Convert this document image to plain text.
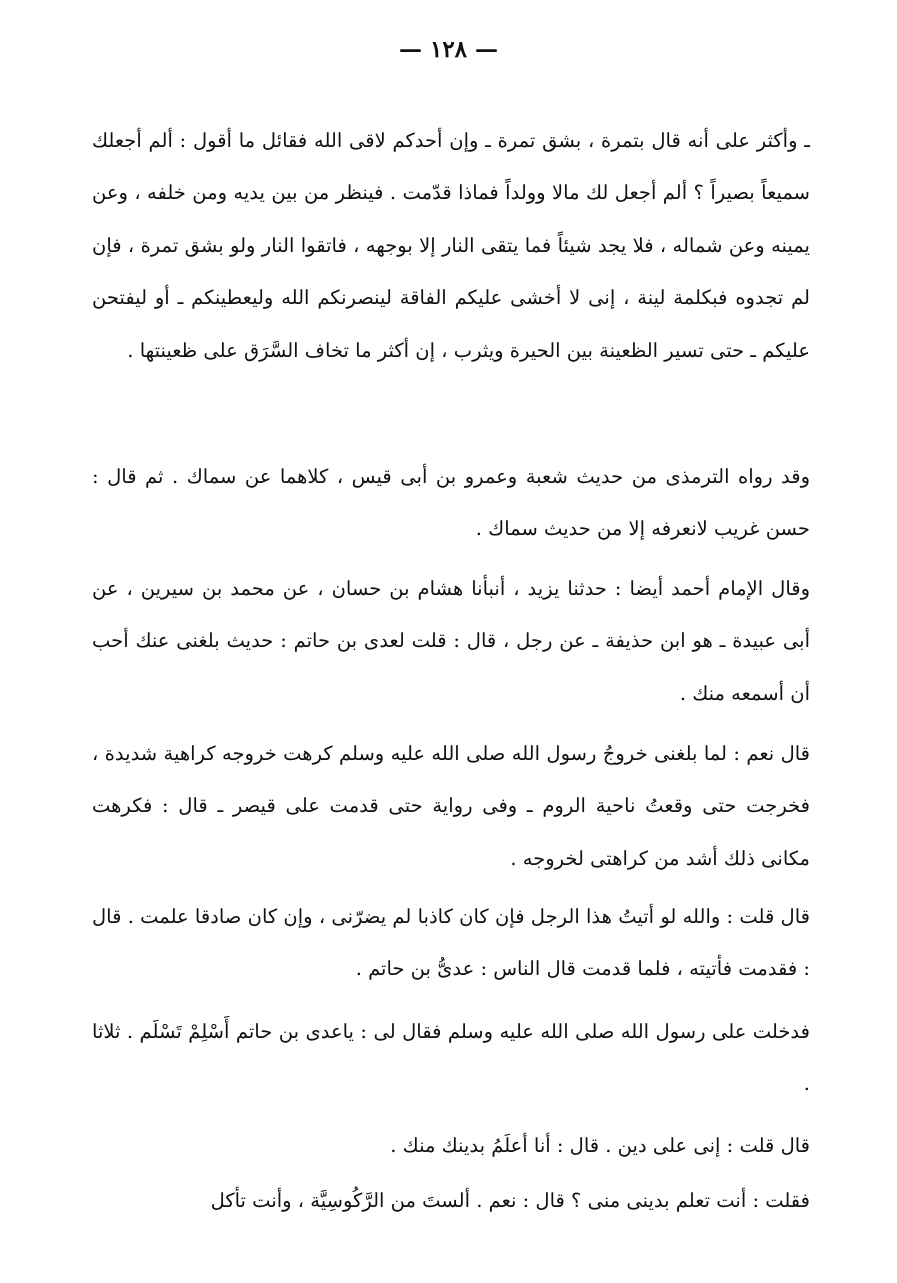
— ١٢٨ —

ـ وأكثر على أنه قال بتمرة ، بشق تمرة ـ وإن أحدكم لاقى الله فقائل ما أقول : ألم أجعلك سميعاً بصيراً ؟ ألم أجعل لك مالا وولداً فماذا قدّمت . فينظر من بين يديه ومن خلفه ، وعن يمينه وعن شماله ، فلا يجد شيئاً فما يتقى النار إلا بوجهه ، فاتقوا النار ولو بشق تمرة ، فإن لم تجدوه فبكلمة لينة ، إنى لا أخشى عليكم الفاقة لينصرنكم الله وليعطينكم ـ أو ليفتحن عليكم ـ حتى تسير الظعينة بين الحيرة ويثرب ، إن أكثر ما تخاف السَّرَق على ظعينتها .

وقد رواه الترمذى من حديث شعبة وعمرو بن أبى قيس ، كلاهما عن سماك . ثم قال : حسن غريب لانعرفه إلا من حديث سماك .

وقال الإمام أحمد أيضا : حدثنا يزيد ، أنبأنا هشام بن حسان ، عن محمد بن سيرين ، عن أبى عبيدة ـ هو ابن حذيفة ـ عن رجل ، قال : قلت لعدى بن حاتم : حديث بلغنى عنك أحب أن أسمعه منك .

قال نعم : لما بلغنى خروجُ رسول الله صلى الله عليه وسلم كرهت خروجه كراهية شديدة ، فخرجت حتى وقعتُ ناحية الروم ـ وفى رواية حتى قدمت على قيصر ـ قال : فكرهت مكانى ذلك أشد من كراهتى لخروجه .

قال قلت : والله لو أتيتُ هذا الرجل فإن كان كاذبا لم يضرّنى ، وإن كان صادقا علمت . قال : فقدمت فأتيته ، فلما قدمت قال الناس : عدىُّ بن حاتم .

فدخلت على رسول الله صلى الله عليه وسلم فقال لى : ياعدى بن حاتم أَسْلِمْ تَسْلَم . ثلاثا .

قال قلت : إنى على دين . قال : أنا أعلَمُ بدينك منك .

فقلت : أنت تعلم بدينى منى ؟ قال : نعم . ألستَ من الرَّكُوسِيَّة ، وأنت تأكل
